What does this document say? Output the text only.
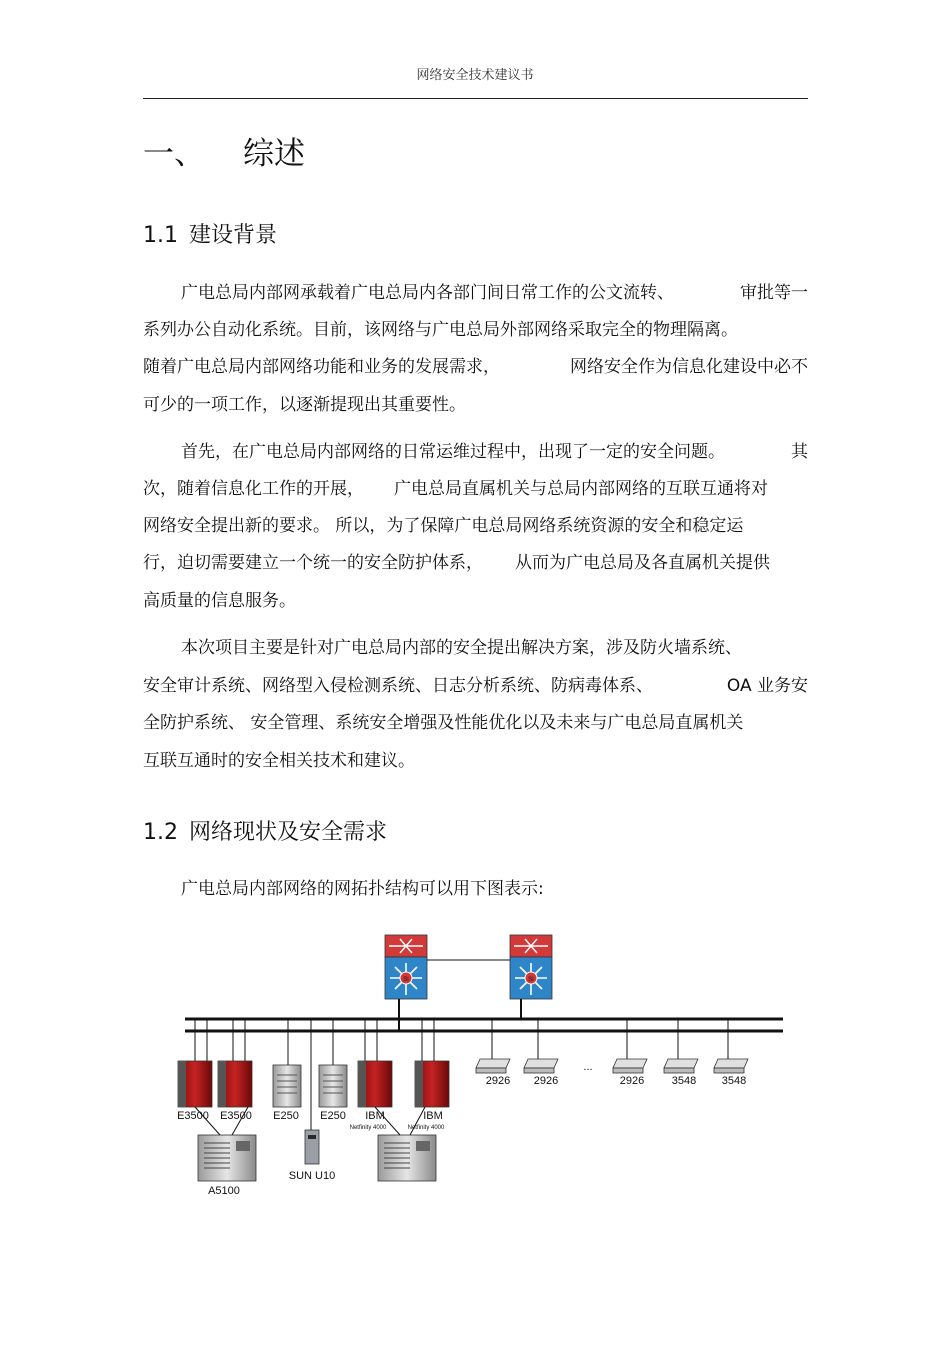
网络安全技术建议书
一、 综述
1.1 建设背景
广电总局内部网承载着广电总局内各部门间日常工作的公文流转、	审批等一
系列办公自动化系统。目前，该网络与广电总局外部网络采取完全的物理隔离。
随着广电总局内部网络功能和业务的发展需求，	网络安全作为信息化建设中必不
可少的一项工作，以逐渐提现出其重要性。
首先，在广电总局内部网络的日常运维过程中，出现了一定的安全问题。	其
次，随着信息化工作的开展， 广电总局直属机关与总局内部网络的互联互通将对
网络安全提出新的要求。 所以，为了保障广电总局网络系统资源的安全和稳定运
行，迫切需要建立一个统一的安全防护体系， 从而为广电总局及各直属机关提供
高质量的信息服务。
本次项目主要是针对广电总局内部的安全提出解决方案，涉及防火墙系统、
安全审计系统、网络型入侵检测系统、日志分析系统、防病毒体系、	OA 业务安
全防护系统、 安全管理、系统安全增强及性能优化以及未来与广电总局直属机关
互联互通时的安全相关技术和建议。
1.2 网络现状及安全需求
广电总局内部网络的网拓扑结构可以用下图表示:
SI	SI
2926 2926
...
2926	3548 3548
E3500 E3500 E250 E250 IBM	IBM
Netfinity 4000	Netfinity 4000
SUN U10
A5100
